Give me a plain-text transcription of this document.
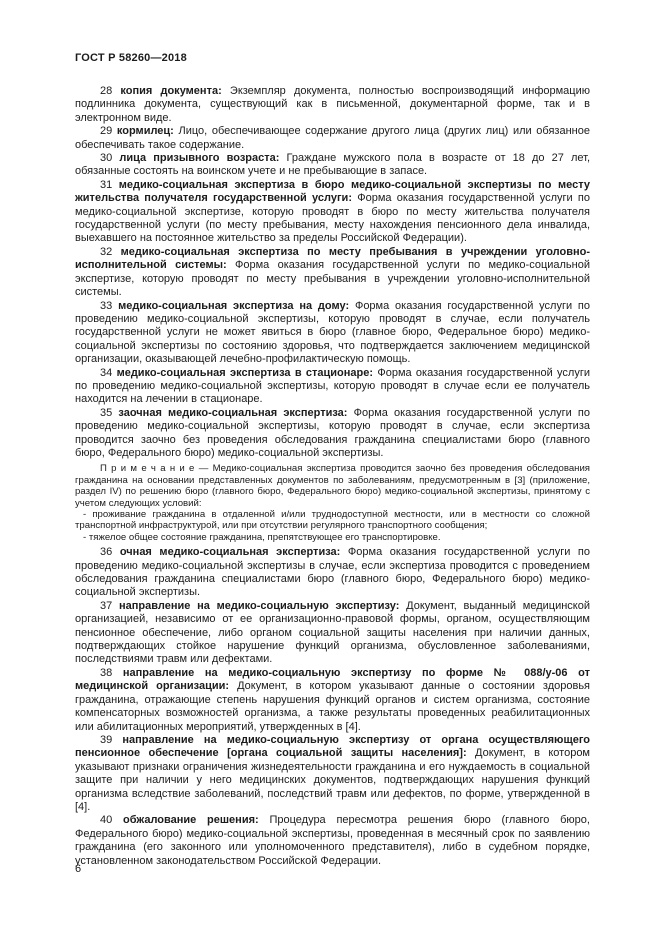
ГОСТ Р 58260—2018

28 копия документа: Экземпляр документа, полностью воспроизводящий информацию подлинника документа, существующий как в письменной, документарной форме, так и в электронном виде.

29 кормилец: Лицо, обеспечивающее содержание другого лица (других лиц) или обязанное обеспечивать такое содержание.

30 лица призывного возраста: Граждане мужского пола в возрасте от 18 до 27 лет, обязанные состоять на воинском учете и не пребывающие в запасе.

31 медико-социальная экспертиза в бюро медико-социальной экспертизы по месту жительства получателя государственной услуги: Форма оказания государственной услуги по медико-социальной экспертизе, которую проводят в бюро по месту жительства получателя государственной услуги (по месту пребывания, месту нахождения пенсионного дела инвалида, выехавшего на постоянное жительство за пределы Российской Федерации).

32 медико-социальная экспертиза по месту пребывания в учреждении уголовно-исполнительной системы: Форма оказания государственной услуги по медико-социальной экспертизе, которую проводят по месту пребывания в учреждении уголовно-исполнительной системы.

33 медико-социальная экспертиза на дому: Форма оказания государственной услуги по проведению медико-социальной экспертизы, которую проводят в случае, если получатель государственной услуги не может явиться в бюро (главное бюро, Федеральное бюро) медико-социальной экспертизы по состоянию здоровья, что подтверждается заключением медицинской организации, оказывающей лечебно-профилактическую помощь.

34 медико-социальная экспертиза в стационаре: Форма оказания государственной услуги по проведению медико-социальной экспертизы, которую проводят в случае если ее получатель находится на лечении в стационаре.

35 заочная медико-социальная экспертиза: Форма оказания государственной услуги по проведению медико-социальной экспертизы, которую проводят в случае, если экспертиза проводится заочно без проведения обследования гражданина специалистами бюро (главного бюро, Федерального бюро) медико-социальной экспертизы.

П р и м е ч а н и е — Медико-социальная экспертиза проводится заочно без проведения обследования гражданина на основании представленных документов по заболеваниям, предусмотренным в [3] (приложение, раздел IV) по решению бюро (главного бюро, Федерального бюро) медико-социальной экспертизы, принятому с учетом следующих условий:

- проживание гражданина в отдаленной и/или труднодоступной местности, или в местности со сложной транспортной инфраструктурой, или при отсутствии регулярного транспортного сообщения;

- тяжелое общее состояние гражданина, препятствующее его транспортировке.

36 очная медико-социальная экспертиза: Форма оказания государственной услуги по проведению медико-социальной экспертизы в случае, если экспертиза проводится с проведением обследования гражданина специалистами бюро (главного бюро, Федерального бюро) медико-социальной экспертизы.

37 направление на медико-социальную экспертизу: Документ, выданный медицинской организацией, независимо от ее организационно-правовой формы, органом, осуществляющим пенсионное обеспечение, либо органом социальной защиты населения при наличии данных, подтверждающих стойкое нарушение функций организма, обусловленное заболеваниями, последствиями травм или дефектами.

38 направление на медико-социальную экспертизу по форме № 088/у-06 от медицинской организации: Документ, в котором указывают данные о состоянии здоровья гражданина, отражающие степень нарушения функций органов и систем организма, состояние компенсаторных возможностей организма, а также результаты проведенных реабилитационных или абилитационных мероприятий, утвержденных в [4].

39 направление на медико-социальную экспертизу от органа осуществляющего пенсионное обеспечение [органа социальной защиты населения]: Документ, в котором указывают признаки ограничения жизнедеятельности гражданина и его нуждаемость в социальной защите при наличии у него медицинских документов, подтверждающих нарушения функций организма вследствие заболеваний, последствий травм или дефектов, по форме, утвержденной в [4].

40 обжалование решения: Процедура пересмотра решения бюро (главного бюро, Федерального бюро) медико-социальной экспертизы, проведенная в месячный срок по заявлению гражданина (его законного или уполномоченного представителя), либо в судебном порядке, установленном законодательством Российской Федерации.

6
